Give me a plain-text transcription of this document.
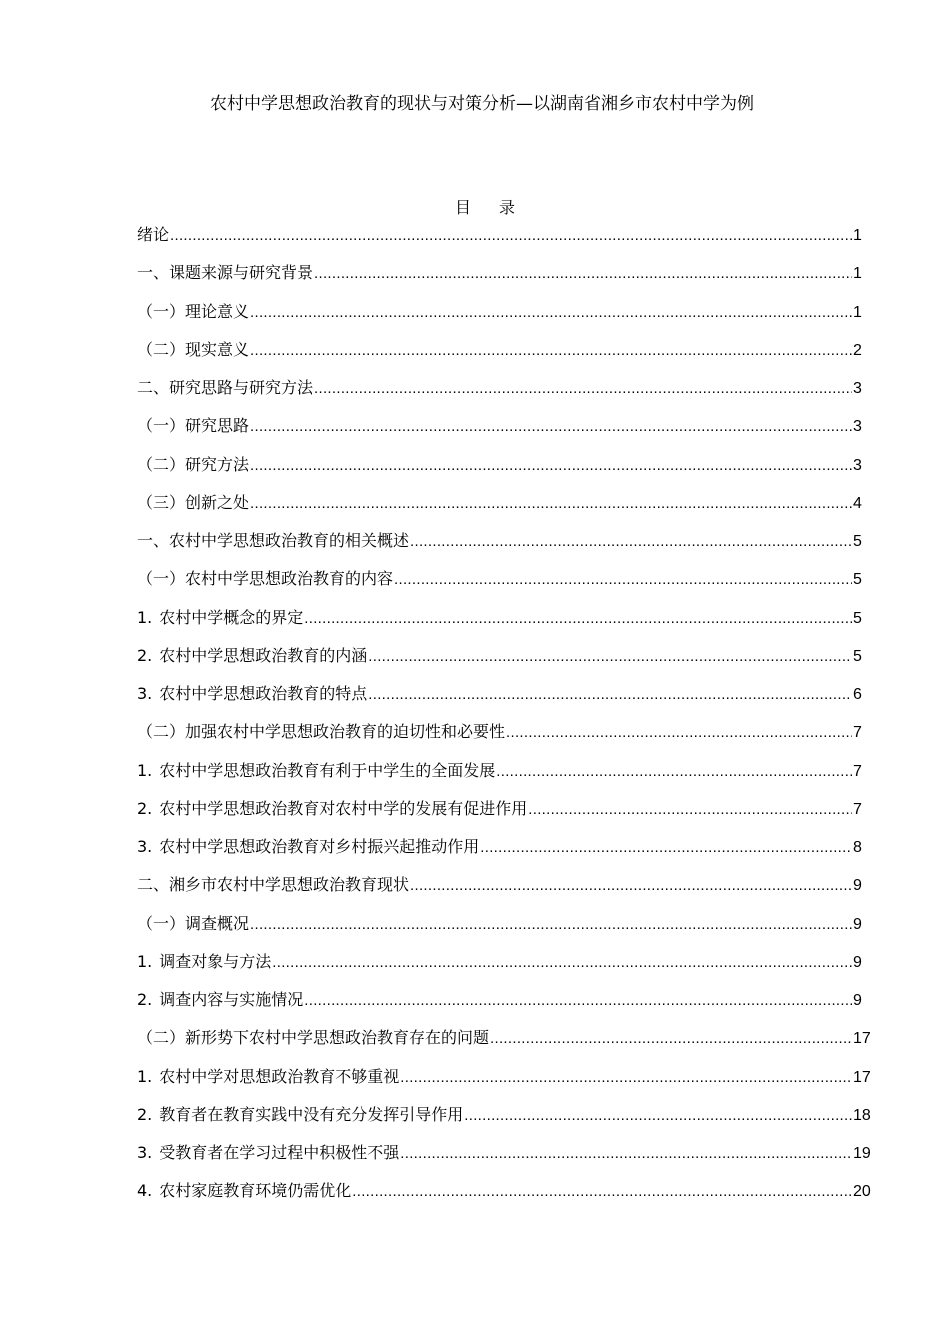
农村中学思想政治教育的现状与对策分析—以湖南省湘乡市农村中学为例
目录
绪论 .....	1
一、课题来源与研究背景 .....	1
（一） 理论意义 .....	1
（二） 现实意义 .....	2
二、研究思路与研究方法 .....	3
（一） 研究思路 .....	3
（二） 研究方法 .....	3
（三） 创新之处 .....	4
一、农村中学思想政治教育的相关概述 .....	5
（一） 农村中学思想政治教育的内容 .....	5
1. 农村中学概念的界定 .....	5
2. 农村中学思想政治教育的内涵 .....	5
3. 农村中学思想政治教育的特点 .....	6
（二） 加强农村中学思想政治教育的迫切性和必要性 .....	7
1. 农村中学思想政治教育有利于中学生的全面发展 .....	7
2. 农村中学思想政治教育对农村中学的发展有促进作用 .....	7
3. 农村中学思想政治教育对乡村振兴起推动作用 .....	8
二、湘乡市农村中学思想政治教育现状 .....	9
（一） 调查概况 .....	9
1. 调查对象与方法 .....	9
2. 调查内容与实施情况 .....	9
（二） 新形势下农村中学思想政治教育存在的问题 .....	17
1. 农村中学对思想政治教育不够重视 .....	17
2. 教育者在教育实践中没有充分发挥引导作用 .....	18
3. 受教育者在学习过程中积极性不强 .....	19
4. 农村家庭教育环境仍需优化 .....	20
